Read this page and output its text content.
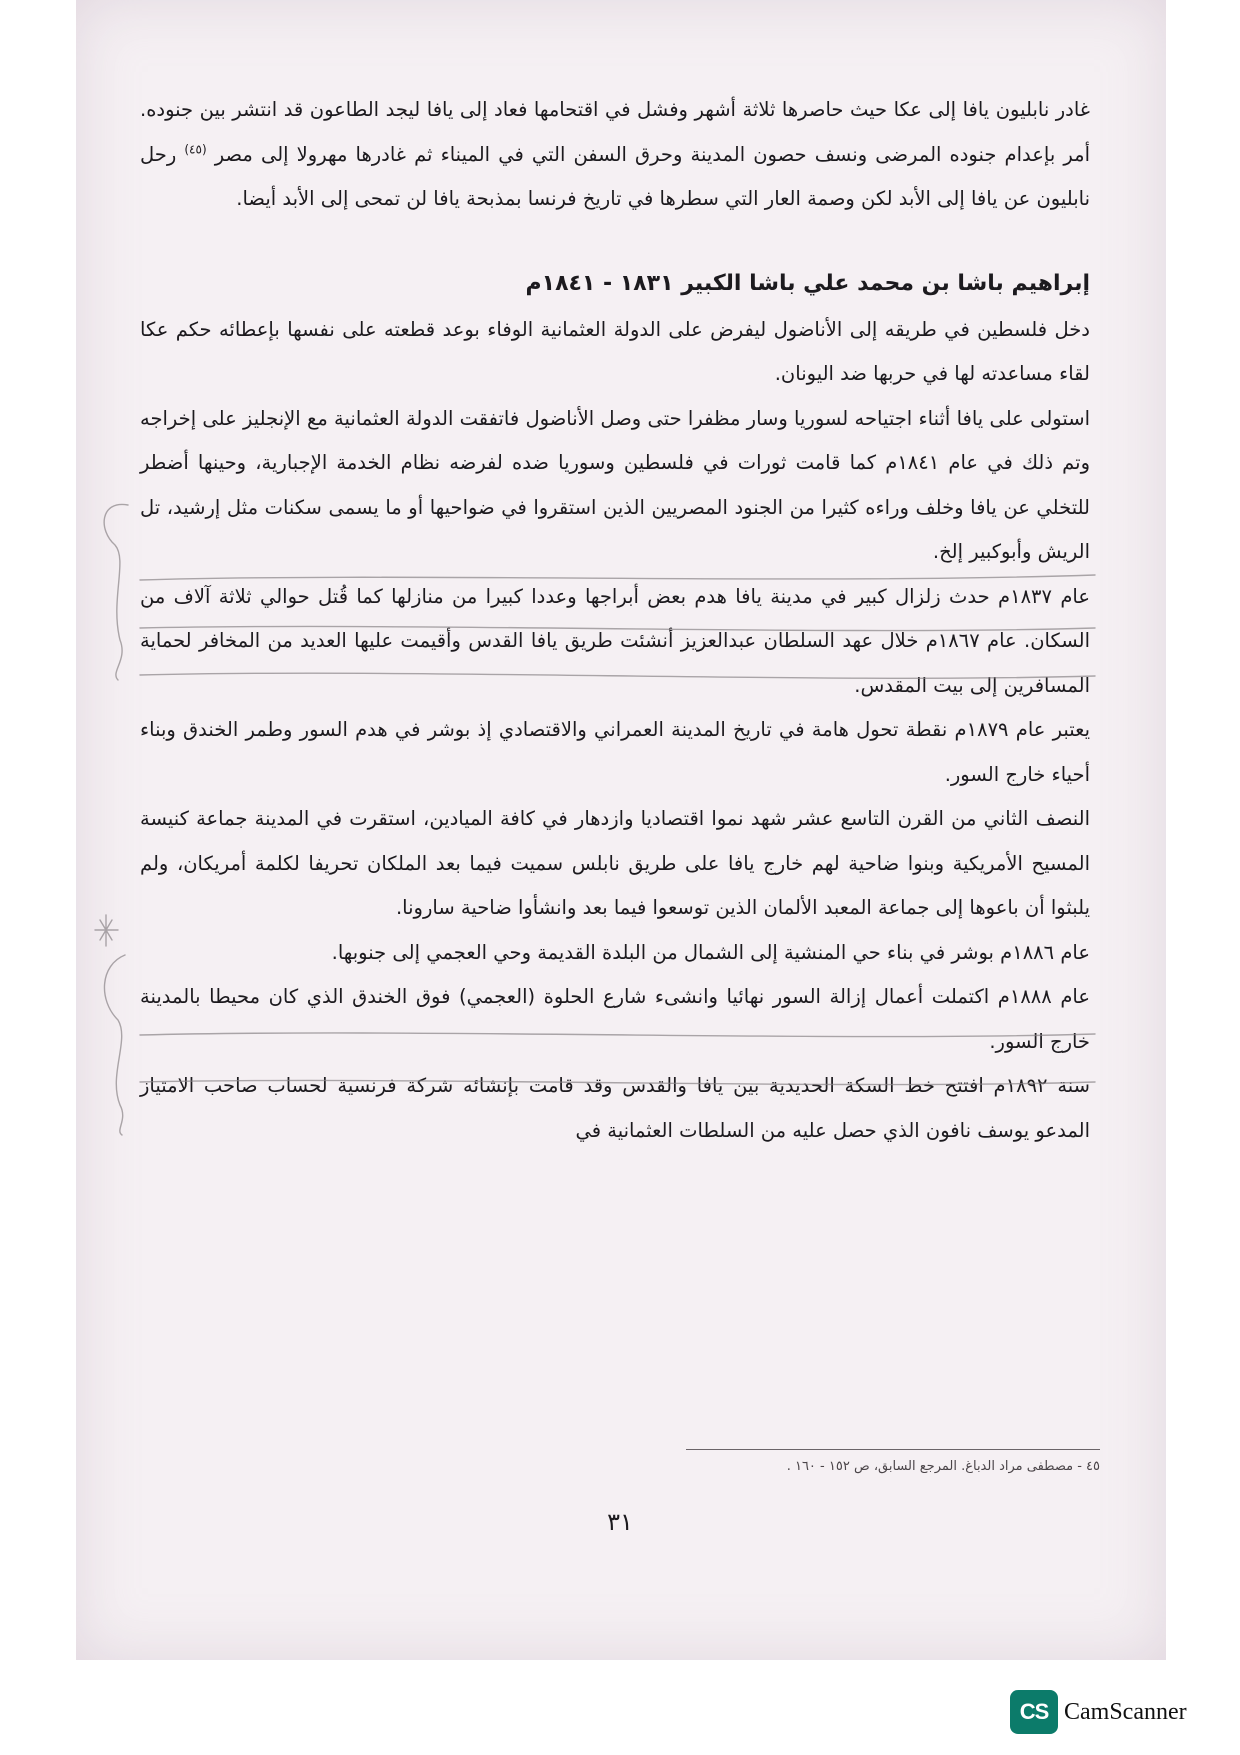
غادر نابليون يافا إلى عكا حيث حاصرها ثلاثة أشهر وفشل في اقتحامها فعاد إلى يافا ليجد الطاعون قد انتشر بين جنوده. أمر بإعدام جنوده المرضى ونسف حصون المدينة وحرق السفن التي في الميناء ثم غادرها مهرولا إلى مصر $^{(٤٥)}$ رحل نابليون عن يافا إلى الأبد لكن وصمة العار التي سطرها في تاريخ فرنسا بمذبحة يافا لن تمحى إلى الأبد أيضا.

إبراهيم باشا بن محمد علي باشا الكبير ١٨٣١ - ١٨٤١م

دخل فلسطين في طريقه إلى الأناضول ليفرض على الدولة العثمانية الوفاء بوعد قطعته على نفسها بإعطائه حكم عكا لقاء مساعدته لها في حربها ضد اليونان.

استولى على يافا أثناء اجتياحه لسوريا وسار مظفرا حتى وصل الأناضول فاتفقت الدولة العثمانية مع الإنجليز على إخراجه وتم ذلك في عام ١٨٤١م كما قامت ثورات في فلسطين وسوريا ضده لفرضه نظام الخدمة الإجبارية، وحينها أضطر للتخلي عن يافا وخلف وراءه كثيرا من الجنود المصريين الذين استقروا في ضواحيها أو ما يسمى سكنات مثل إرشيد، تل الريش وأبوكبير إلخ.

عام ١٨٣٧م حدث زلزال كبير في مدينة يافا هدم بعض أبراجها وعددا كبيرا من منازلها كما قُتل حوالي ثلاثة آلاف من السكان. عام ١٨٦٧م خلال عهد السلطان عبدالعزيز أنشئت طريق يافا القدس وأقيمت عليها العديد من المخافر لحماية المسافرين إلى بيت المقدس.

يعتبر عام ١٨٧٩م نقطة تحول هامة في تاريخ المدينة العمراني والاقتصادي إذ بوشر في هدم السور وطمر الخندق وبناء أحياء خارج السور.

النصف الثاني من القرن التاسع عشر شهد نموا اقتصاديا وازدهار في كافة الميادين، استقرت في المدينة جماعة كنيسة المسيح الأمريكية وبنوا ضاحية لهم خارج يافا على طريق نابلس سميت فيما بعد الملكان تحريفا لكلمة أمريكان، ولم يلبثوا أن باعوها إلى جماعة المعبد الألمان الذين توسعوا فيما بعد وانشأوا ضاحية سارونا.

عام ١٨٨٦م بوشر في بناء حي المنشية إلى الشمال من البلدة القديمة وحي العجمي إلى جنوبها.

عام ١٨٨٨م اكتملت أعمال إزالة السور نهائيا وانشىء شارع الحلوة (العجمي) فوق الخندق الذي كان محيطا بالمدينة خارج السور.

سنة ١٨٩٢م افتتح خط السكة الحديدية بين يافا والقدس وقد قامت بإنشائه شركة فرنسية لحساب صاحب الامتياز المدعو يوسف نافون الذي حصل عليه من السلطات العثمانية في

٤٥ - مصطفى مراد الدباغ. المرجع السابق، ص ١٥٢ - ١٦٠ .
٣١
CS CamScanner
